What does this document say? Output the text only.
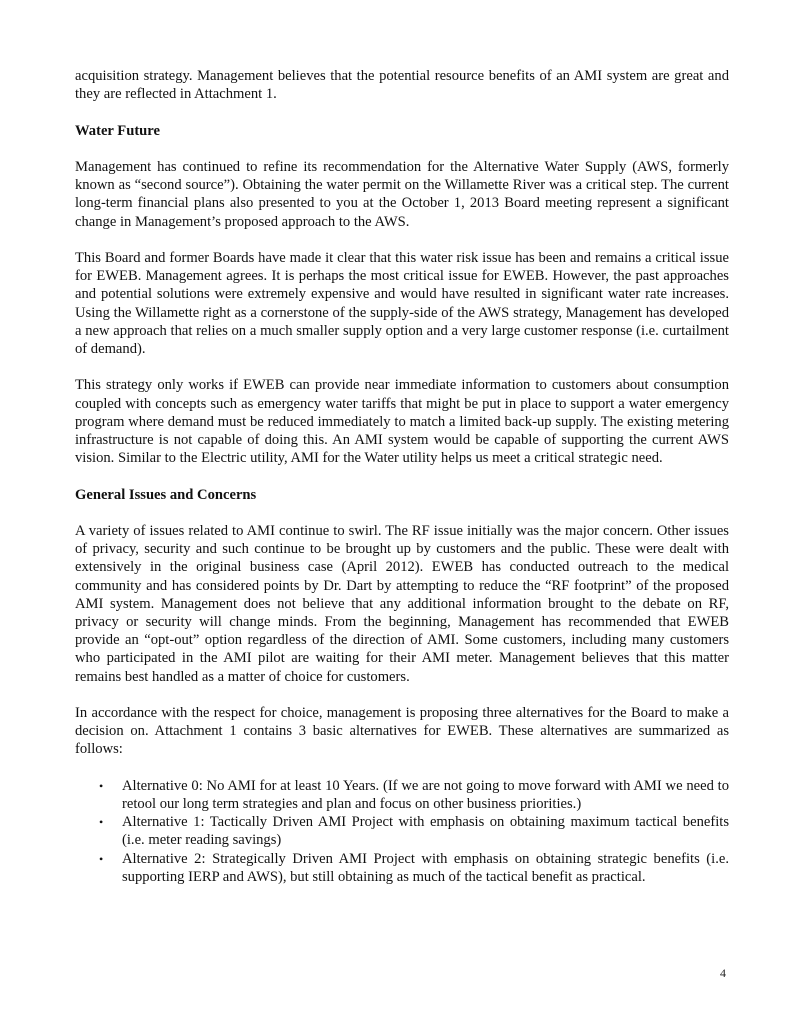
acquisition strategy. Management believes that the potential resource benefits of an AMI system are great and they are reflected in Attachment 1.

Water Future

Management has continued to refine its recommendation for the Alternative Water Supply (AWS, formerly known as “second source”). Obtaining the water permit on the Willamette River was a critical step. The current long-term financial plans also presented to you at the October 1, 2013 Board meeting represent a significant change in Management’s proposed approach to the AWS.

This Board and former Boards have made it clear that this water risk issue has been and remains a critical issue for EWEB. Management agrees. It is perhaps the most critical issue for EWEB. However, the past approaches and potential solutions were extremely expensive and would have resulted in significant water rate increases. Using the Willamette right as a cornerstone of the supply-side of the AWS strategy, Management has developed a new approach that relies on a much smaller supply option and a very large customer response (i.e. curtailment of demand).

This strategy only works if EWEB can provide near immediate information to customers about consumption coupled with concepts such as emergency water tariffs that might be put in place to support a water emergency program where demand must be reduced immediately to match a limited back-up supply. The existing metering infrastructure is not capable of doing this. An AMI system would be capable of supporting the current AWS vision. Similar to the Electric utility, AMI for the Water utility helps us meet a critical strategic need.

General Issues and Concerns

A variety of issues related to AMI continue to swirl. The RF issue initially was the major concern. Other issues of privacy, security and such continue to be brought up by customers and the public. These were dealt with extensively in the original business case (April 2012). EWEB has conducted outreach to the medical community and has considered points by Dr. Dart by attempting to reduce the “RF footprint” of the proposed AMI system. Management does not believe that any additional information brought to the debate on RF, privacy or security will change minds. From the beginning, Management has recommended that EWEB provide an “opt-out” option regardless of the direction of AMI. Some customers, including many customers who participated in the AMI pilot are waiting for their AMI meter. Management believes that this matter remains best handled as a matter of choice for customers.

In accordance with the respect for choice, management is proposing three alternatives for the Board to make a decision on. Attachment 1 contains 3 basic alternatives for EWEB. These alternatives are summarized as follows:

• Alternative 0: No AMI for at least 10 Years. (If we are not going to move forward with AMI we need to retool our long term strategies and plan and focus on other business priorities.)
• Alternative 1: Tactically Driven AMI Project with emphasis on obtaining maximum tactical benefits (i.e. meter reading savings)
• Alternative 2: Strategically Driven AMI Project with emphasis on obtaining strategic benefits (i.e. supporting IERP and AWS), but still obtaining as much of the tactical benefit as practical.
4
